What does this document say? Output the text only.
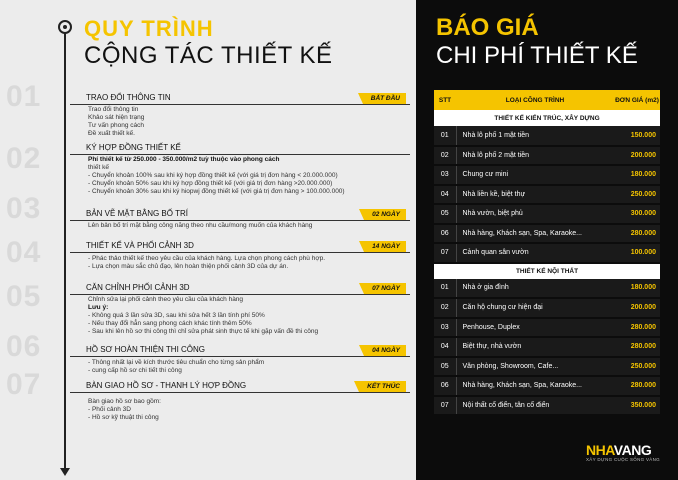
BÁO GIÁ
CHI PHÍ THIẾT KẾ
QUY TRÌNH
CỘNG TÁC THIẾT KẾ
01
02
03
04
05
06
07
TRAO ĐỔI THÔNG TIN	BẮT ĐẦU
Trao đổi thông tin
Khảo sát hiện trạng
Tư vấn phong cách
Đề xuất thiết kế.
KÝ HỢP ĐỒNG THIẾT KẾ
Phí thiết kế từ 250.000 - 350.000/m2 tuỳ thuộc vào phong cách
thiết kế
- Chuyển khoản 100% sau khi ký hợp đồng thiết kế (với giá trị đơn hàng < 20.000.000)
- Chuyển khoản 50% sau khi ký hợp đồng thiết kế (với giá trị đơn hàng >20.000.000)
- Chuyển khoản 30% sau khi ký hiopwj đồng thiết kế (với giá trị đơn hàng > 100.000.000)
BẢN VẼ MẶT BẰNG BỐ TRÍ	02 NGÀY
Lên bản bố trí mặt bằng công năng theo nhu cầu/mong muốn của khách hàng
THIẾT KẾ VÀ PHỐI CẢNH 3D	14 NGÀY
- Phác thảo thiết kế theo yêu cầu của khách hàng. Lựa chọn phong cách phù hợp.
- Lựa chọn màu sắc chủ đạo, lên hoàn thiện phối cảnh 3D của dự án.
CĂN CHỈNH PHỐI CẢNH 3D	07 NGÀY
Chỉnh sửa lại phối cảnh theo yêu cầu của khách hàng
Lưu ý:
- Không quá 3 lần sửa 3D, sau khi sửa hết 3 lần tính phí 50%
- Nếu thay đổi hẳn sang phong cách khác tính thêm 50%
- Sau khi lên hồ sơ thi công thì chỉ sửa phát sinh thực tế khi gặp vấn đề thi công
HỒ SƠ HOÀN THIỆN THI CÔNG	04 NGÀY
- Thông nhất lại về kích thước tiêu chuẩn cho từng sản phẩm
- cung cấp hồ sơ chi tiết thi công
BÀN GIAO HỒ SƠ - THANH LÝ HỢP ĐỒNG	KẾT THÚC
Bàn giao hồ sơ bao gồm:
- Phối cảnh 3D
- Hồ sơ kỹ thuật thi công
STT	LOẠI CÔNG TRÌNH	ĐƠN GIÁ (m2)
THIẾT KẾ KIẾN TRÚC, XÂY DỰNG		
01	Nhà lô phố 1 mặt tiền	150.000
02	Nhà lô phố 2 mặt tiền	200.000
03	Chung cư mini	180.000
04	Nhà liền kề, biệt thự	250.000
05	Nhà vườn, biệt phủ	300.000
06	Nhà hàng, Khách sạn, Spa, Karaoke...	280.000
07	Cảnh quan sân vườn	100.000
THIẾT KẾ NỘI THẤT		
01	Nhà ở gia đình	180.000
02	Căn hộ chung cư hiện đại	200.000
03	Penhouse, Duplex	280.000
04	Biệt thự, nhà vườn	280.000
05	Văn phòng, Showroom, Cafe...	250.000
06	Nhà hàng, Khách sạn, Spa, Karaoke...	280.000
07	Nội thất cổ điển, tân cổ điển	350.000
NHAVANG
XÂY DỰNG CUỘC SỐNG VÀNG
